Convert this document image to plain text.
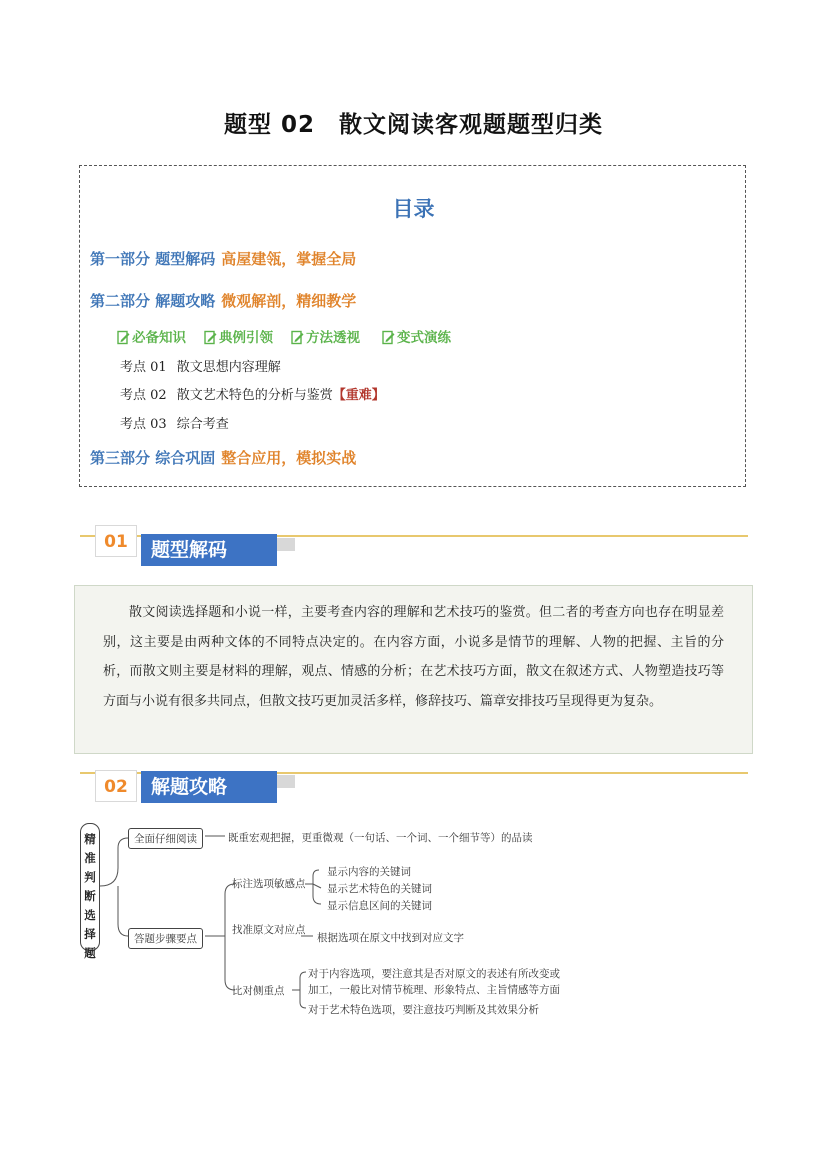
题型 02　散文阅读客观题题型归类
目录
第一部分 题型解码 高屋建瓴，掌握全局
第二部分 解题攻略 微观解剖，精细教学
必备知识 典例引领 方法透视	变式演练
考点 01 散文思想内容理解
考点 02 散文艺术特色的分析与鉴赏【重难】
考点 03 综合考查
第三部分 综合巩固 整合应用，模拟实战
题型解码
01
散文阅读选择题和小说一样，主要考查内容的理解和艺术技巧的鉴赏。但二者的考查方向也存在明显差别，这主要是由两种文体的不同特点决定的。在内容方面，小说多是情节的理解、人物的把握、主旨的分析，而散文则主要是材料的理解，观点、情感的分析；在艺术技巧方面，散文在叙述方式、人物塑造技巧等方面与小说有很多共同点，但散文技巧更加灵活多样，修辞技巧、篇章安排技巧呈现得更为复杂。
解题攻略
02
精准判断选择题
全面仔细阅读	既重宏观把握，更重微观（一句话、一个词、一个细节等）的品读
答题步骤要点
标注选项敏感点
显示内容的关键词
显示艺术特色的关键词
显示信息区间的关键词
找准原文对应点
根据选项在原文中找到对应文字
比对侧重点
对于内容选项，要注意其是否对原文的表述有所改变或
加工，一般比对情节梳理、形象特点、主旨情感等方面
对于艺术特色选项，要注意技巧判断及其效果分析
